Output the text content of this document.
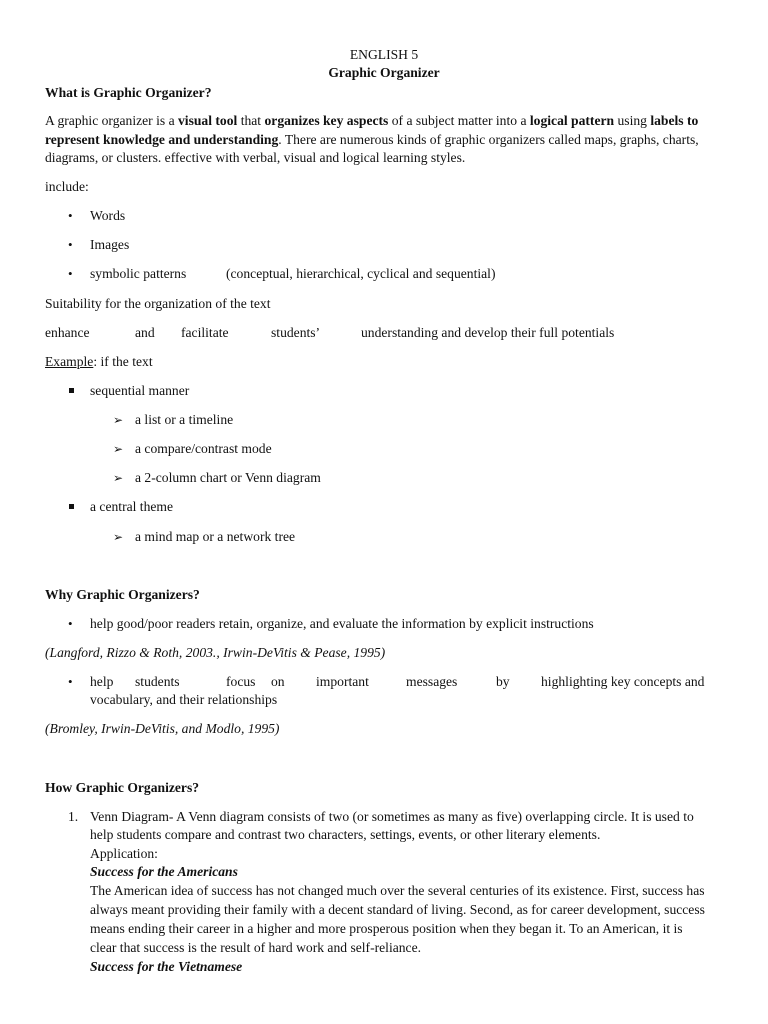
ENGLISH 5
Graphic Organizer
What is Graphic Organizer?
A graphic organizer is a visual tool that organizes key aspects of a subject matter into a logical pattern using labels to
represent knowledge and understanding. There are numerous kinds of graphic organizers called maps, graphs, charts,
diagrams, or clusters. effective with verbal, visual and logical learning styles.
include:
• Words
• Images
• symbolic patterns	(conceptual, hierarchical, cyclical and sequential)
Suitability for the organization of the text
enhance	and facilitate	students’	understanding and develop their full potentials
Example: if the text
sequential manner
➢ a list or a timeline
➢ a compare/contrast mode
➢ a 2-column chart or Venn diagram
a central theme
➢ a mind map or a network tree
Why Graphic Organizers?
• help good/poor readers retain, organize, and evaluate the information by explicit instructions
(Langford, Rizzo & Roth, 2003., Irwin-DeVitis & Pease, 1995)
• help students	focus on important	messages	by highlighting key concepts and
vocabulary, and their relationships
(Bromley, Irwin-DeVitis, and Modlo, 1995)
How Graphic Organizers?
1. Venn Diagram- A Venn diagram consists of two (or sometimes as many as five) overlapping circle. It is used to
help students compare and contrast two characters, settings, events, or other literary elements.
Application:
Success for the Americans
The American idea of success has not changed much over the several centuries of its existence. First, success has
always meant providing their family with a decent standard of living. Second, as for career development, success
means ending their career in a higher and more prosperous position when they began it. To an American, it is
clear that success is the result of hard work and self-reliance.
Success for the Vietnamese
